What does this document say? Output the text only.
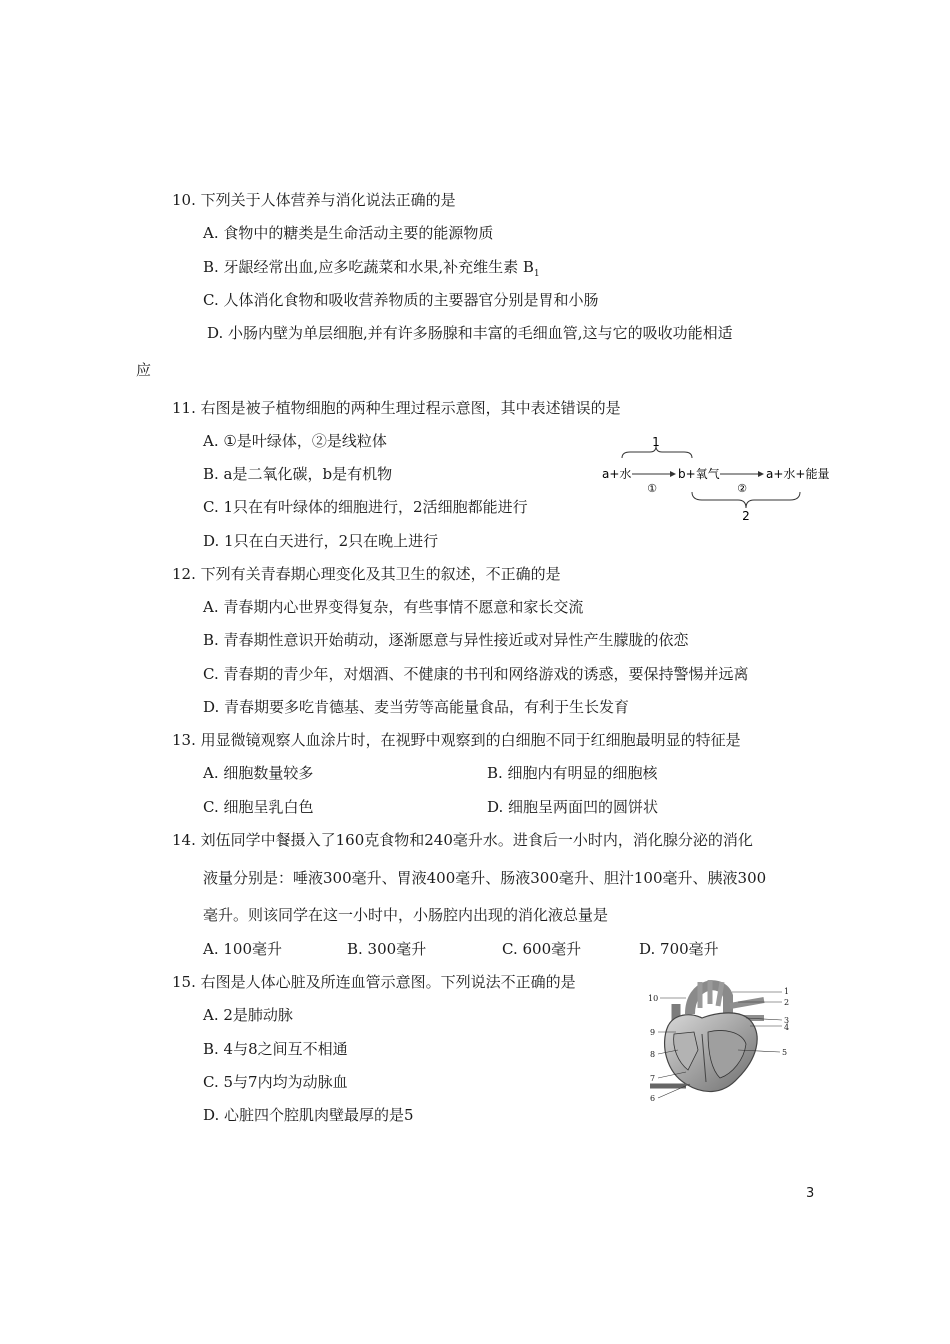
10. 下列关于人体营养与消化说法正确的是
A. 食物中的糖类是生命活动主要的能源物质
B. 牙龈经常出血,应多吃蔬菜和水果,补充维生素 $B_1$
C. 人体消化食物和吸收营养物质的主要器官分别是胃和小肠
D. 小肠内壁为单层细胞,并有许多肠腺和丰富的毛细血管,这与它的吸收功能相适
应
11. 右图是被子植物细胞的两种生理过程示意图，其中表述错误的是
A. ①是叶绿体，②是线粒体
B. a是二氧化碳，b是有机物
C. 1只在有叶绿体的细胞进行，2活细胞都能进行
D. 1只在白天进行，2只在晚上进行
1
a+水
①
b+氧气
②
a+水+能量
2
12. 下列有关青春期心理变化及其卫生的叙述，不正确的是
A. 青春期内心世界变得复杂，有些事情不愿意和家长交流
B. 青春期性意识开始萌动，逐渐愿意与异性接近或对异性产生朦胧的依恋
C. 青春期的青少年，对烟酒、不健康的书刊和网络游戏的诱惑，要保持警惕并远离
D. 青春期要多吃肯德基、麦当劳等高能量食品，有利于生长发育
13. 用显微镜观察人血涂片时，在视野中观察到的白细胞不同于红细胞最明显的特征是
A. 细胞数量较多	B. 细胞内有明显的细胞核
C. 细胞呈乳白色	D. 细胞呈两面凹的圆饼状
14. 刘伍同学中餐摄入了160克食物和240毫升水。进食后一小时内，消化腺分泌的消化
液量分别是：唾液300毫升、胃液400毫升、肠液300毫升、胆汁100毫升、胰液300
毫升。则该同学在这一小时中，小肠腔内出现的消化液总量是
A. 100毫升	B. 300毫升	C. 600毫升	D. 700毫升
15. 右图是人体心脏及所连血管示意图。下列说法不正确的是
A. 2是肺动脉
B. 4与8之间互不相通
C. 5与7内均为动脉血
D. 心脏四个腔肌肉壁最厚的是5
1
2
3
4
5
6
7
8
9
10
3
